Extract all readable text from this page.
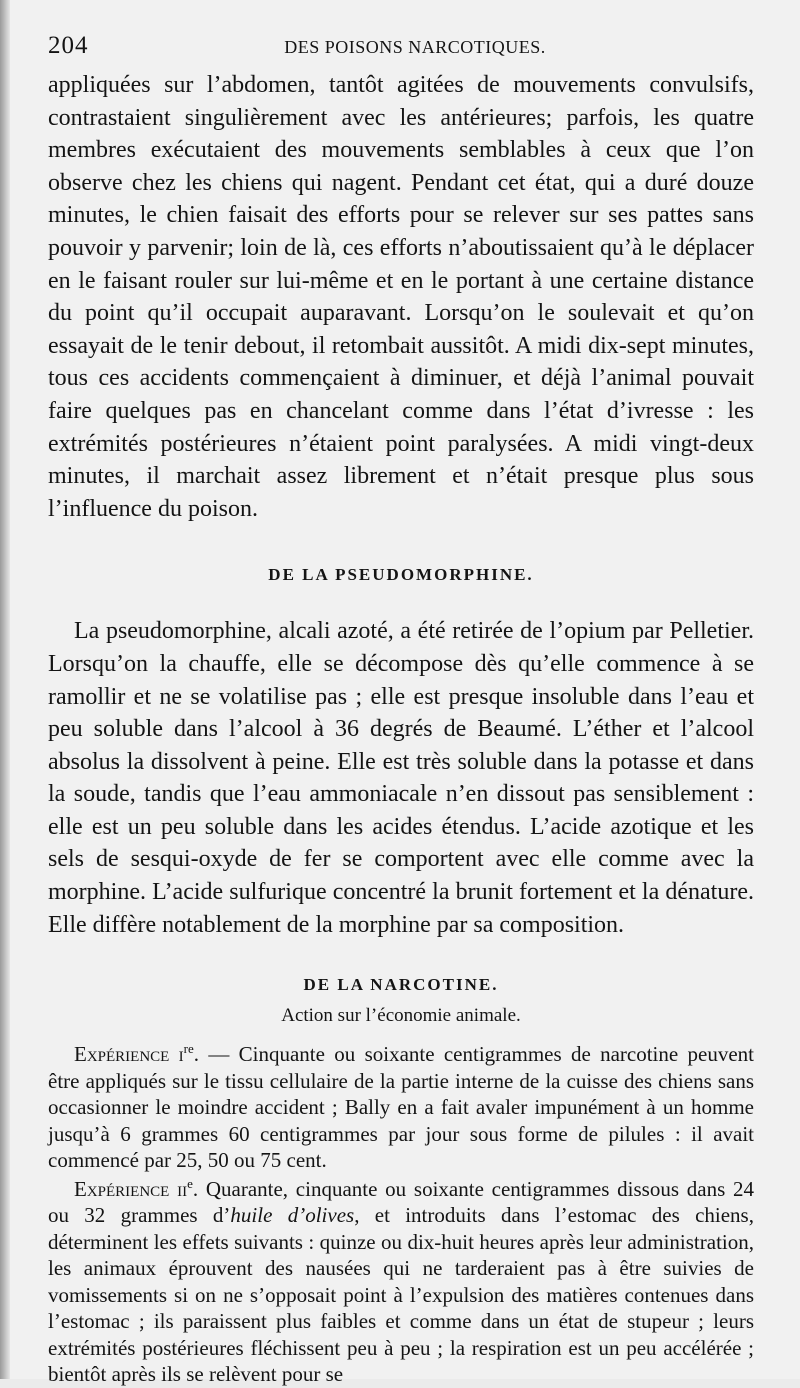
204	DES POISONS NARCOTIQUES.

appliquées sur l’abdomen, tantôt agitées de mouvements convulsifs, contrastaient singulièrement avec les antérieures; parfois, les quatre membres exécutaient des mouvements semblables à ceux que l’on observe chez les chiens qui nagent. Pendant cet état, qui a duré douze minutes, le chien faisait des efforts pour se relever sur ses pattes sans pouvoir y parvenir; loin de là, ces efforts n’aboutissaient qu’à le déplacer en le faisant rouler sur lui-même et en le portant à une certaine distance du point qu’il occupait auparavant. Lorsqu’on le soulevait et qu’on essayait de le tenir debout, il retombait aussitôt. A midi dix-sept minutes, tous ces accidents commençaient à diminuer, et déjà l’animal pouvait faire quelques pas en chancelant comme dans l’état d’ivresse : les extrémités postérieures n’étaient point paralysées. A midi vingt-deux minutes, il marchait assez librement et n’était presque plus sous l’influence du poison.

DE LA PSEUDOMORPHINE.

La pseudomorphine, alcali azoté, a été retirée de l’opium par Pelletier. Lorsqu’on la chauffe, elle se décompose dès qu’elle commence à se ramollir et ne se volatilise pas ; elle est presque insoluble dans l’eau et peu soluble dans l’alcool à 36 degrés de Beaumé. L’éther et l’alcool absolus la dissolvent à peine. Elle est très soluble dans la potasse et dans la soude, tandis que l’eau ammoniacale n’en dissout pas sensiblement : elle est un peu soluble dans les acides étendus. L’acide azotique et les sels de sesqui-oxyde de fer se comportent avec elle comme avec la morphine. L’acide sulfurique concentré la brunit fortement et la dénature. Elle diffère notablement de la morphine par sa composition.

DE LA NARCOTINE.

Action sur l’économie animale.

Expérience $i^{re}$. — Cinquante ou soixante centigrammes de narcotine peuvent être appliqués sur le tissu cellulaire de la partie interne de la cuisse des chiens sans occasionner le moindre accident ; Bally en a fait avaler impunément à un homme jusqu’à 6 grammes 60 centigrammes par jour sous forme de pilules : il avait commencé par 25, 50 ou 75 cent.

Expérience $ii^e$. Quarante, cinquante ou soixante centigrammes dissous dans 24 ou 32 grammes d’huile d’olives, et introduits dans l’estomac des chiens, déterminent les effets suivants : quinze ou dix-huit heures après leur administration, les animaux éprouvent des nausées qui ne tarderaient pas à être suivies de vomissements si on ne s’opposait point à l’expulsion des matières contenues dans l’estomac ; ils paraissent plus faibles et comme dans un état de stupeur ; leurs extrémités postérieures fléchissent peu à peu ; la respiration est un peu accélérée ; bientôt après ils se relèvent pour se
